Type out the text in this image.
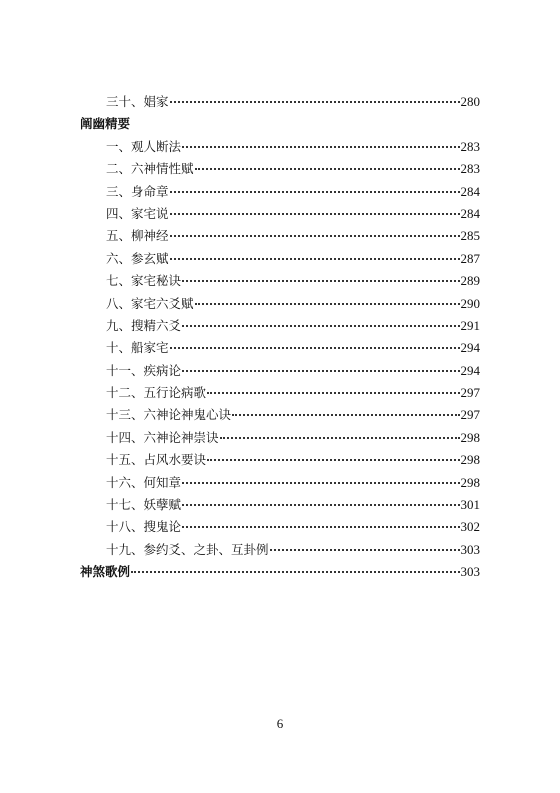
三十、娼家	280
阐幽精要
一、观人断法	283
二、六神情性赋	283
三、身命章	284
四、家宅说	284
五、柳神经	285
六、参玄赋	287
七、家宅秘诀	289
八、家宅六爻赋	290
九、搜精六爻	291
十、船家宅	294
十一、疾病论	294
十二、五行论病歌	297
十三、六神论神鬼心诀	297
十四、六神论神崇诀	298
十五、占风水要诀	298
十六、何知章	298
十七、妖孽赋	301
十八、搜鬼论	302
十九、参约爻、之卦、互卦例	303
神煞歌例	303
6
